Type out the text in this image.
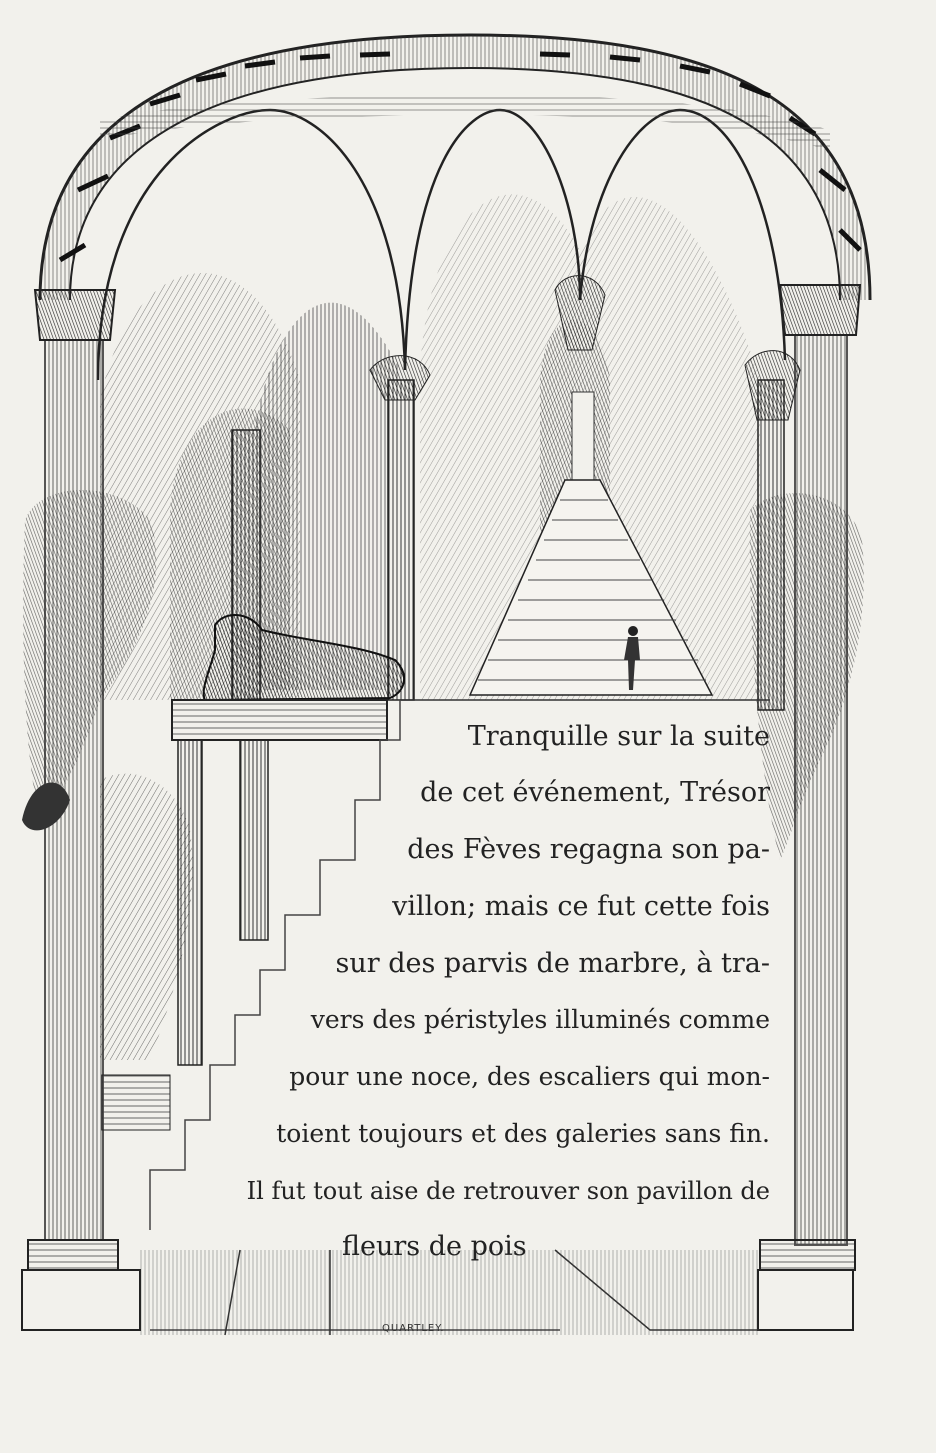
Tranquille sur la suite
de cet événement, Trésor
des Fèves regagna son pa-
villon; mais ce fut cette fois
sur des parvis de marbre, à tra-
vers des péristyles illuminés comme
pour une noce, des escaliers qui mon-
toient toujours et des galeries sans fin.
Il fut tout aise de retrouver son pavillon de
fleurs de pois
QUARTLEY.
